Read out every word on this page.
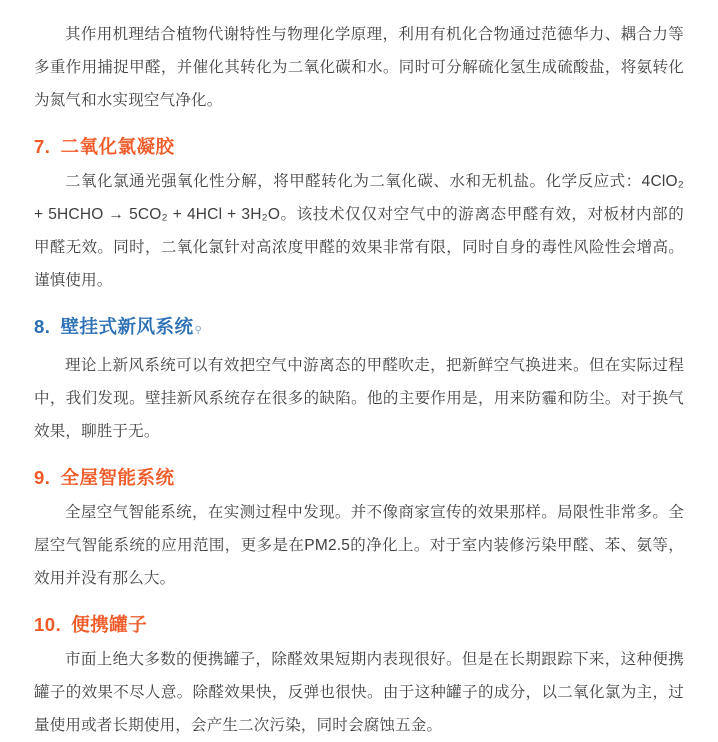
其作用机理结合植物代谢特性与物理化学原理，利用有机化合物通过范德华力、耦合力等多重作用捕捉甲醛，并催化其转化为二氧化碳和水。同时可分解硫化氢生成硫酸盐，将氨转化为氮气和水实现空气净化。

7. 二氧化氯凝胶

二氧化氯通光强氧化性分解，将甲醛转化为二氧化碳、水和无机盐。化学反应式：4ClO₂ + 5HCHO → 5CO₂ + 4HCl + 3H₂O。该技术仅仅对空气中的游离态甲醛有效，对板材内部的甲醛无效。同时，二氧化氯针对高浓度甲醛的效果非常有限，同时自身的毒性风险性会增高。谨慎使用。

8. 壁挂式新风系统 ⚲

理论上新风系统可以有效把空气中游离态的甲醛吹走，把新鲜空气换进来。但在实际过程中，我们发现。壁挂新风系统存在很多的缺陷。他的主要作用是，用来防霾和防尘。对于换气效果，聊胜于无。

9. 全屋智能系统

全屋空气智能系统，在实测过程中发现。并不像商家宣传的效果那样。局限性非常多。全屋空气智能系统的应用范围，更多是在PM2.5的净化上。对于室内装修污染甲醛、苯、氨等，效用并没有那么大。

10. 便携罐子

市面上绝大多数的便携罐子，除醛效果短期内表现很好。但是在长期跟踪下来，这种便携罐子的效果不尽人意。除醛效果快，反弹也很快。由于这种罐子的成分，以二氧化氯为主，过量使用或者长期使用，会产生二次污染，同时会腐蚀五金。
